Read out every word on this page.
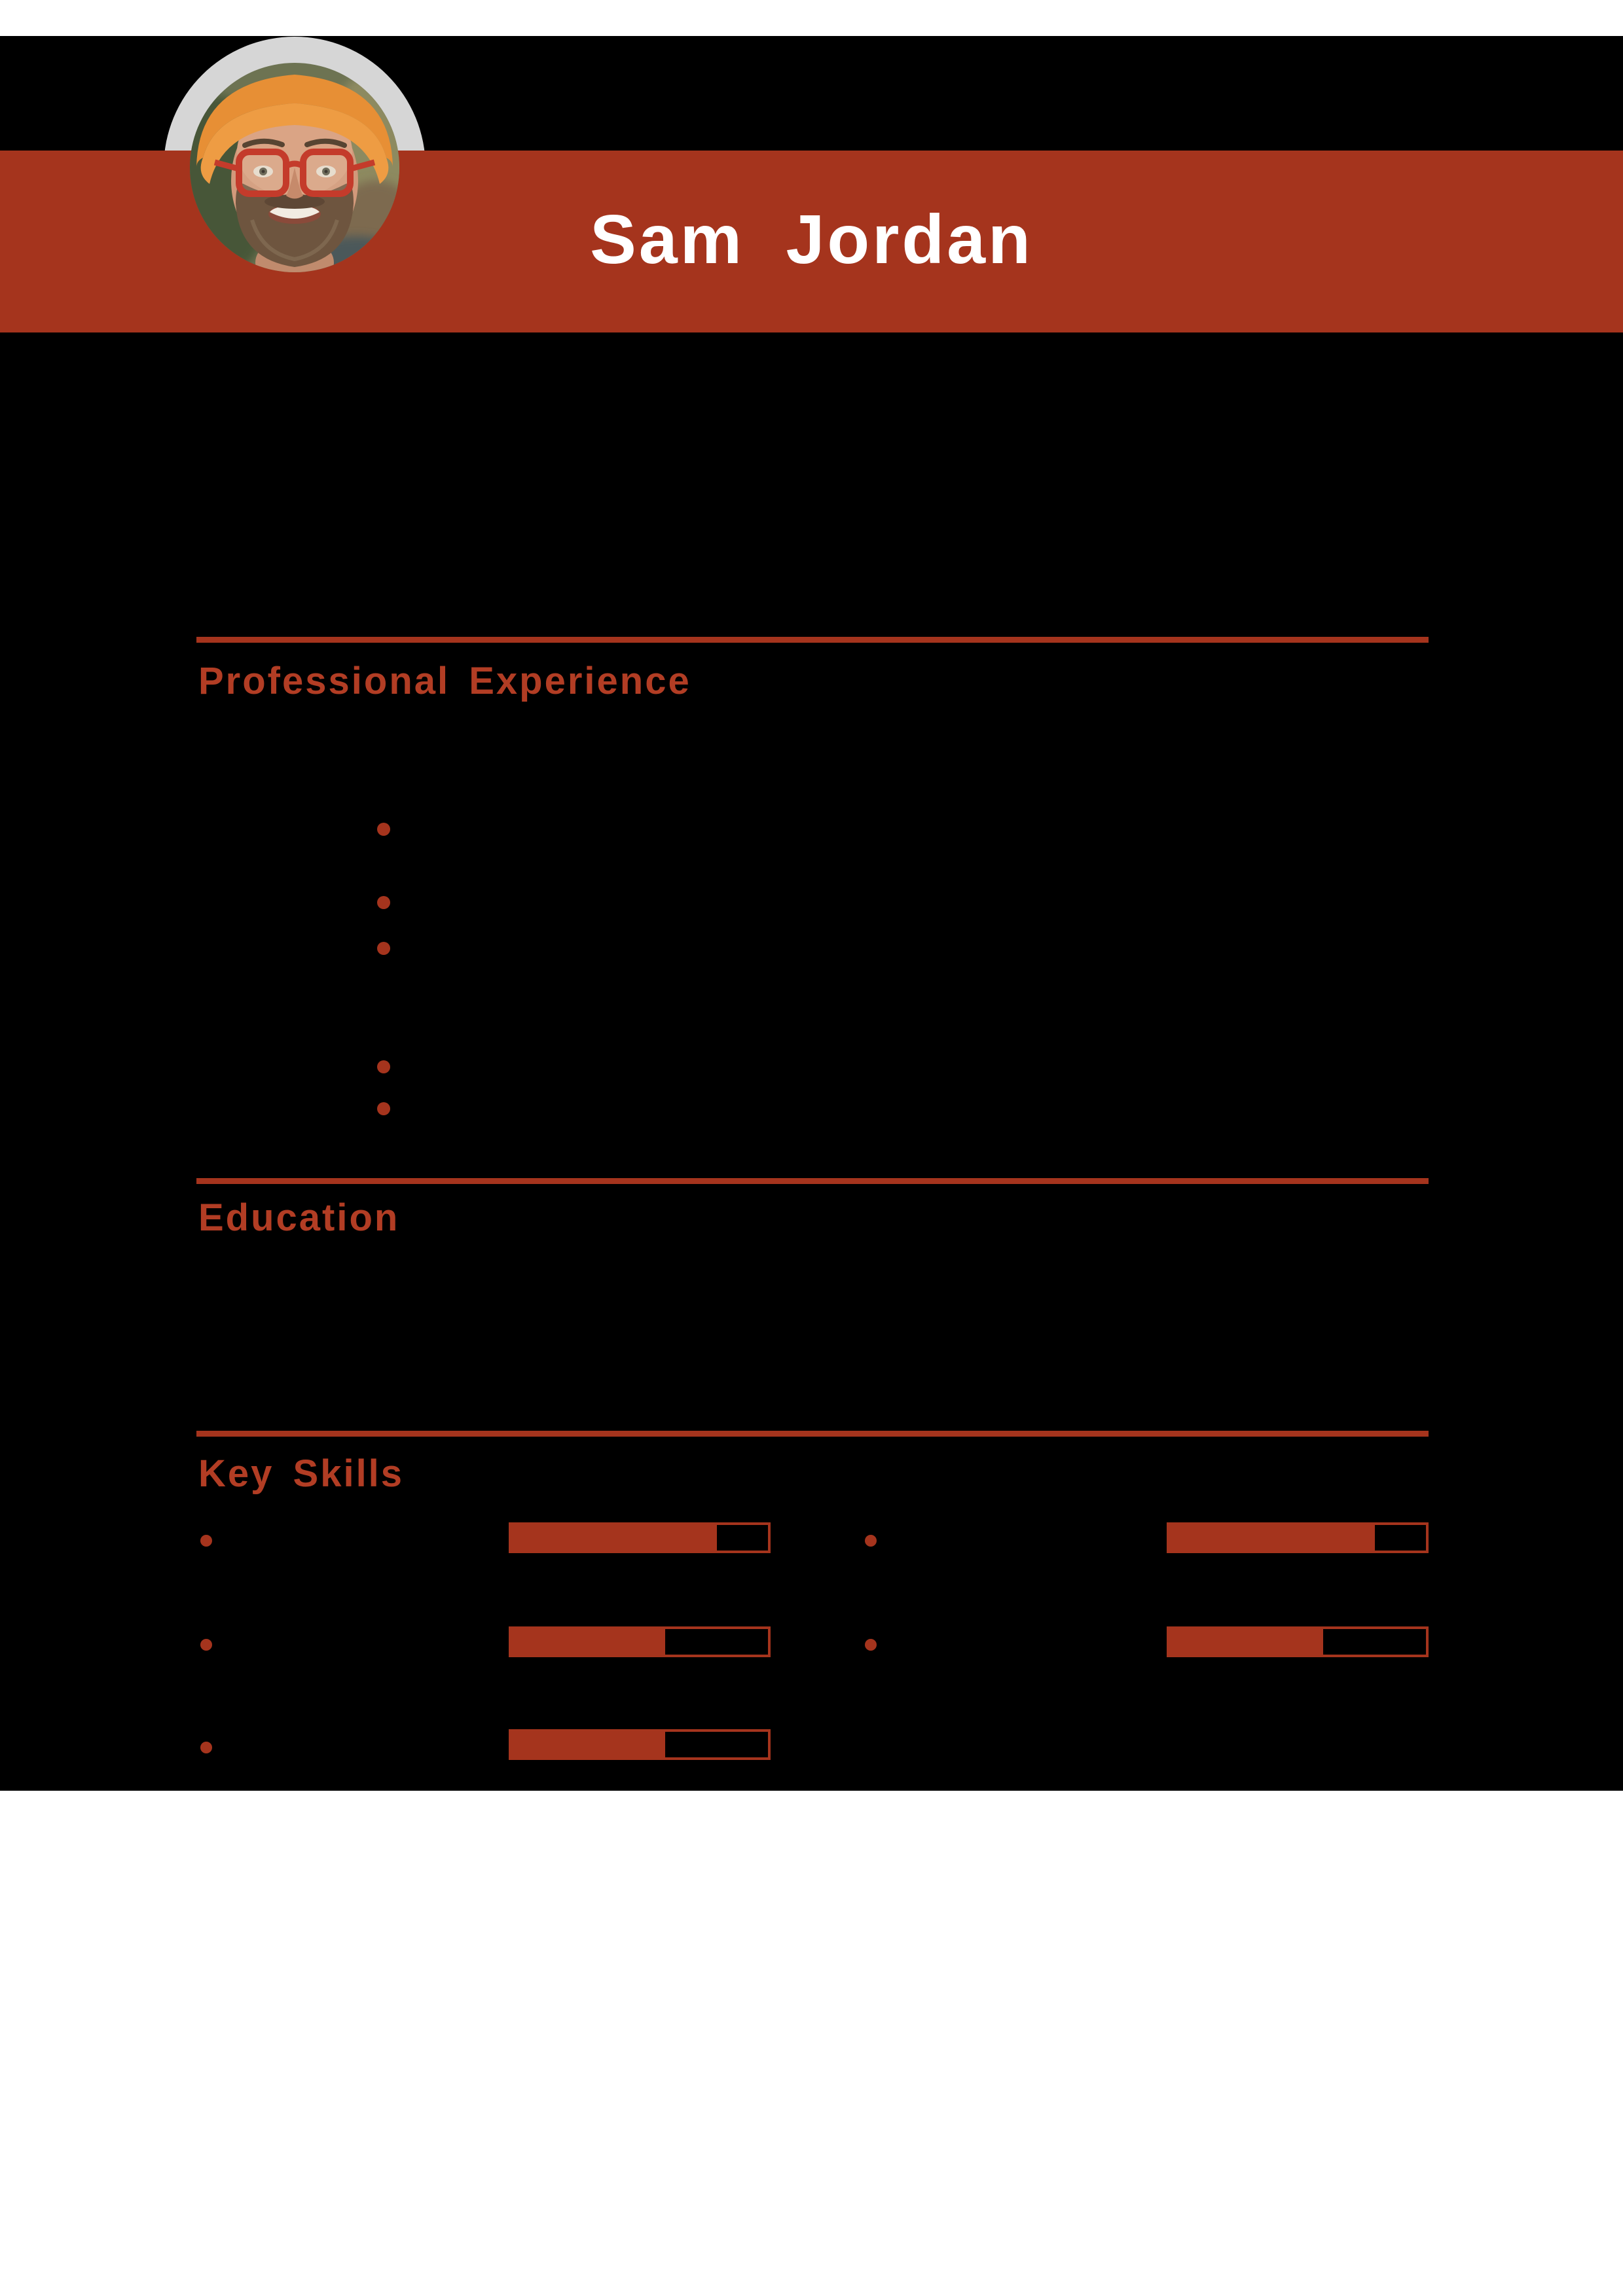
Sam Jordan
Professional Experience
Education
Key Skills
